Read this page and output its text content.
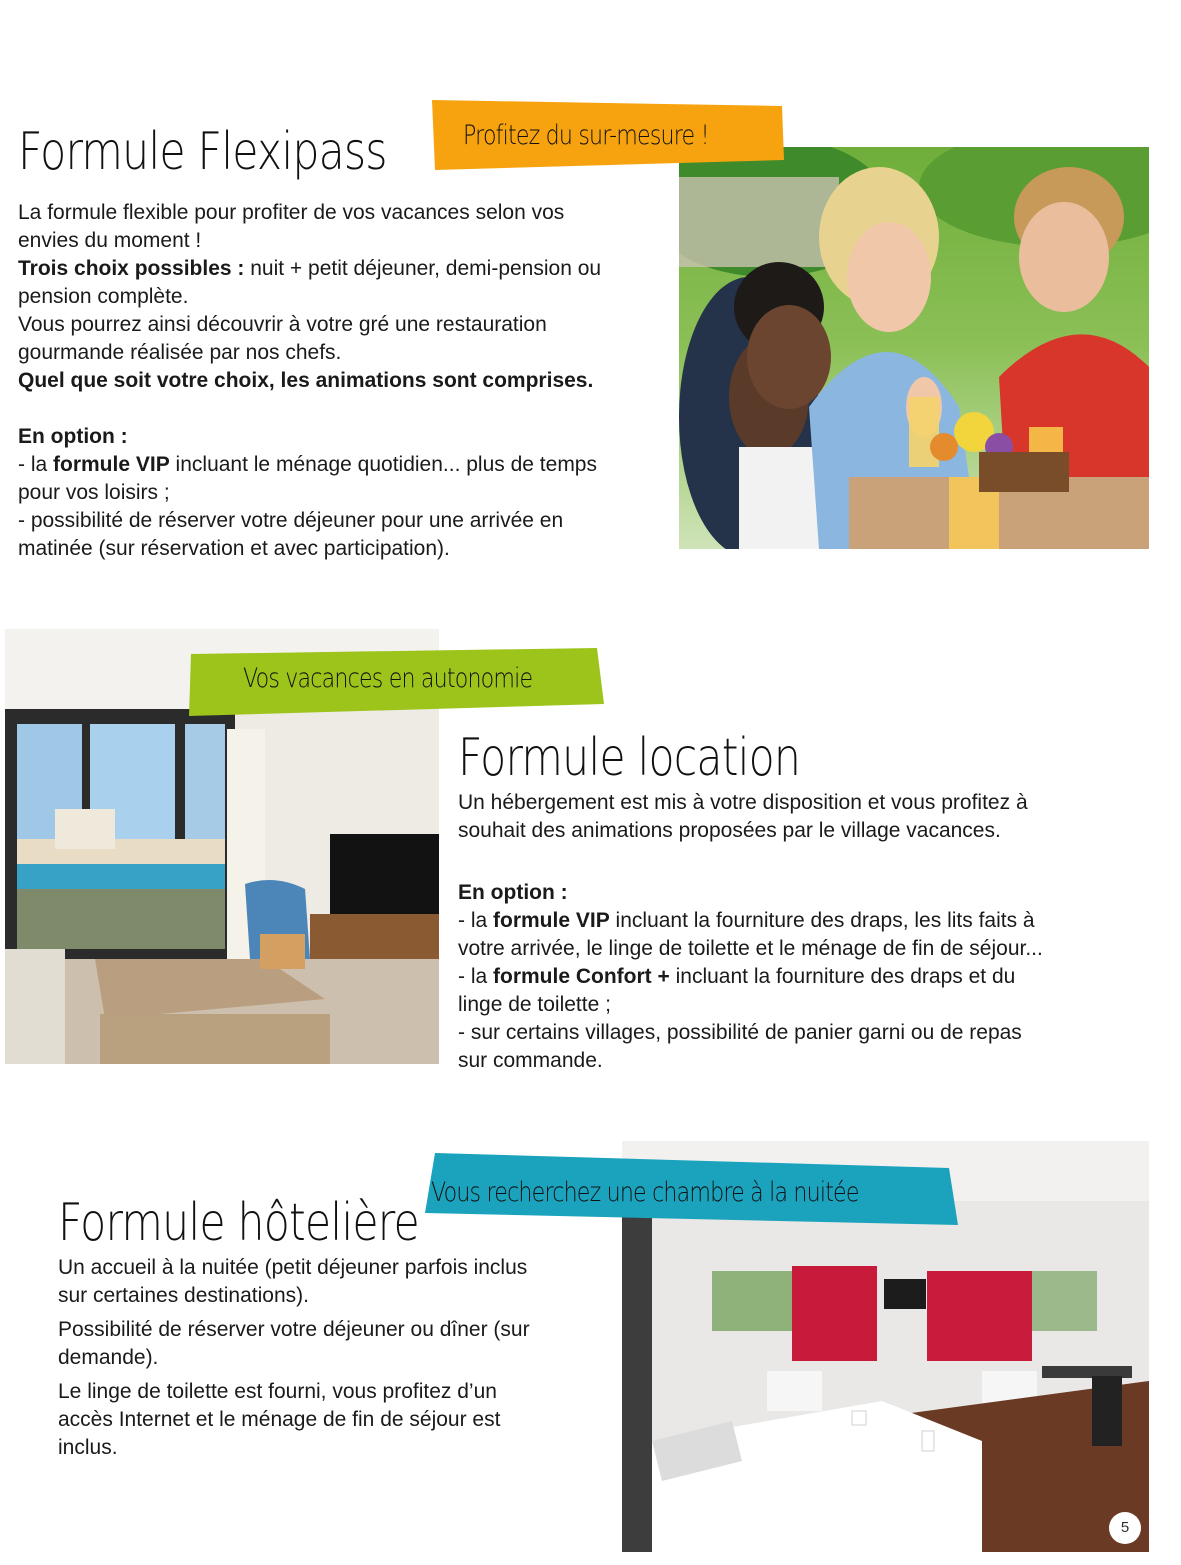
Formule Flexipass	Profitez du sur-mesure !

La formule flexible pour profiter de vos vacances selon vos

envies du moment !

Trois choix possibles : nuit + petit déjeuner, demi-pension ou

pension complète.

Vous pourrez ainsi découvrir à votre gré une restauration

gourmande réalisée par nos chefs.

Quel que soit votre choix, les animations sont comprises.

En option :

- la formule VIP incluant le ménage quotidien... plus de temps

pour vos loisirs ;

- possibilité de réserver votre déjeuner pour une arrivée en

matinée (sur réservation et avec participation).

Vos vacances en autonomie
Formule location

Un hébergement est mis à votre disposition et vous profitez à

souhait des animations proposées par le village vacances.

En option :

- la formule VIP incluant la fourniture des draps, les lits faits à

votre arrivée, le linge de toilette et le ménage de fin de séjour...

- la formule Confort + incluant la fourniture des draps et du

linge de toilette ;

- sur certains villages, possibilité de panier garni ou de repas

sur commande.

5
Vous recherchez une chambre à la nuitée
Formule hôtelière

Un accueil à la nuitée (petit déjeuner parfois inclus

sur certaines destinations).

Possibilité de réserver votre déjeuner ou dîner (sur

demande).

Le linge de toilette est fourni, vous profitez d’un

accès Internet et le ménage de fin de séjour est

inclus.
